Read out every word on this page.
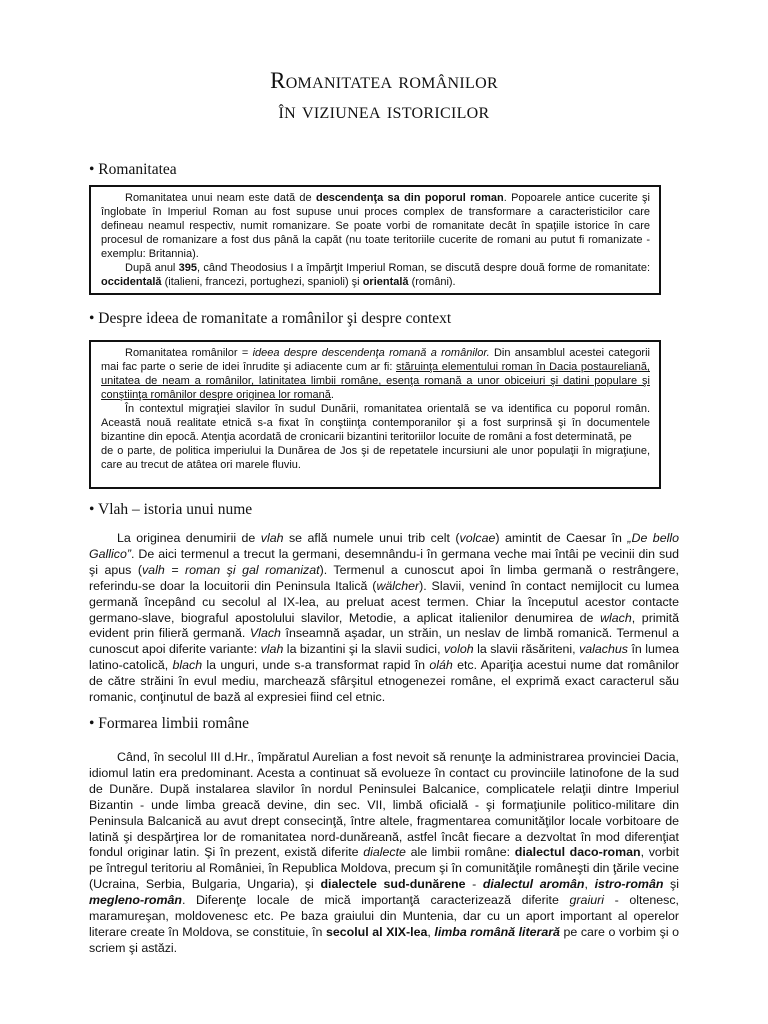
Romanitatea românilor
în viziunea istoricilor
• Romanitatea

Romanitatea unui neam este dată de descendenţa sa din poporul roman. Popoarele antice cucerite şi înglobate în Imperiul Roman au fost supuse unui proces complex de transformare a caracteristicilor care defineau neamul respectiv, numit romanizare. Se poate vorbi de romanitate decât în spaţiile istorice în care procesul de romanizare a fost dus până la capăt (nu toate teritoriile cucerite de romani au putut fi romanizate - exemplu: Britannia).

După anul 395, când Theodosius I a împărţit Imperiul Roman, se discută despre două forme de romanitate: occidentală (italieni, francezi, portughezi, spanioli) şi orientală (români).

• Despre ideea de romanitate a românilor şi despre context

Romanitatea românilor = ideea despre descendenţa romană a românilor. Din ansamblul acestei categorii mai fac parte o serie de idei înrudite şi adiacente cum ar fi: stăruinţa elementului roman în Dacia postaureliană, unitatea de neam a românilor, latinitatea limbii române, esenţa romană a unor obiceiuri şi datini populare şi conştiinţa românilor despre originea lor romană.

În contextul migraţiei slavilor în sudul Dunării, romanitatea orientală se va identifica cu poporul român. Această nouă realitate etnică s-a fixat în conştiinţa contemporanilor şi a fost surprinsă şi în documentele bizantine din epocă. Atenţia acordată de cronicarii bizantini teritoriilor locuite de români a fost determinată, pe

de o parte, de politica imperiului la Dunărea de Jos şi de repetatele incursiuni ale unor populaţii în migraţiune, care au trecut de atâtea ori marele fluviu.

• Vlah – istoria unui nume

La originea denumirii de vlah se află numele unui trib celt (volcae) amintit de Caesar în „De bello Gallico”. De aici termenul a trecut la germani, desemnându-i în germana veche mai întâi pe vecinii din sud şi apus (valh = roman şi gal romanizat). Termenul a cunoscut apoi în limba germană o restrângere, referindu-se doar la locuitorii din Peninsula Italică (wälcher). Slavii, venind în contact nemijlocit cu lumea germană începând cu secolul al IX-lea, au preluat acest termen. Chiar la începutul acestor contacte germano-slave, biograful apostolului slavilor, Metodie, a aplicat italienilor denumirea de wlach, primită evident prin filieră germană. Vlach înseamnă aşadar, un străin, un neslav de limbă romanică. Termenul a cunoscut apoi diferite variante: vlah la bizantini şi la slavii sudici, voloh la slavii răsăriteni, valachus în lumea latino-catolică, blach la unguri, unde s-a transformat rapid în oláh etc. Apariţia acestui nume dat românilor de către străini în evul mediu, marchează sfârşitul etnogenezei române, el exprimă exact caracterul său romanic, conţinutul de bază al expresiei fiind cel etnic.

• Formarea limbii române

Când, în secolul III d.Hr., împăratul Aurelian a fost nevoit să renunţe la administrarea provinciei Dacia, idiomul latin era predominant. Acesta a continuat să evolueze în contact cu provinciile latinofone de la sud de Dunăre. După instalarea slavilor în nordul Peninsulei Balcanice, complicatele relaţii dintre Imperiul Bizantin - unde limba greacă devine, din sec. VII, limbă oficială - şi formaţiunile politico-militare din Peninsula Balcanică au avut drept consecinţă, între altele, fragmentarea comunităţilor locale vorbitoare de latină şi despărţirea lor de romanitatea nord-dunăreană, astfel încât fiecare a dezvoltat în mod diferenţiat fondul originar latin. Şi în prezent, există diferite dialecte ale limbii române: dialectul daco-roman, vorbit pe întregul teritoriu al României, în Republica Moldova, precum şi în comunităţile româneşti din ţările vecine (Ucraina, Serbia, Bulgaria, Ungaria), şi dialectele sud-dunărene - dialectul aromân, istro-român şi megleno-român. Diferenţe locale de mică importanţă caracterizează diferite graiuri - oltenesc, maramureşan, moldovenesc etc. Pe baza graiului din Muntenia, dar cu un aport important al operelor literare create în Moldova, se constituie, în secolul al XIX-lea, limba română literară pe care o vorbim şi o scriem şi astăzi.
